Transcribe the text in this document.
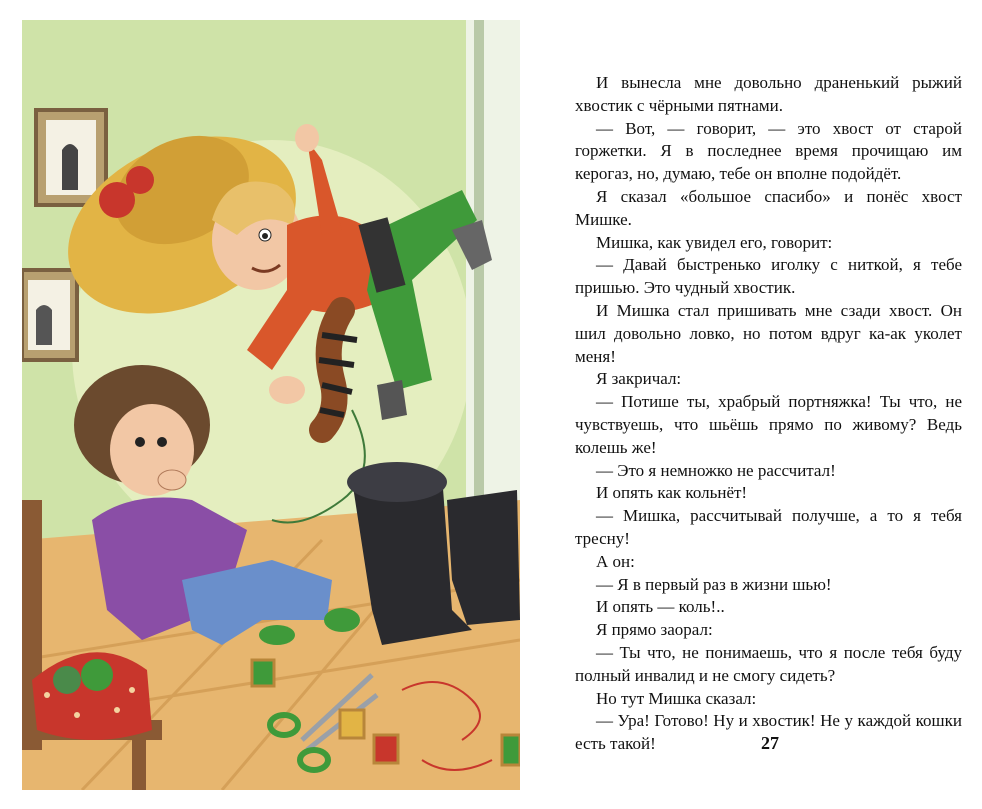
И вынесла мне довольно драненький рыжий хвостик с чёрными пятнами.

— Вот, — говорит, — это хвост от старой горжетки. Я в последнее время прочищаю им керогаз, но, думаю, тебе он вполне подойдёт.

Я сказал «большое спасибо» и понёс хвост Мишке.

Мишка, как увидел его, говорит:

— Давай быстренько иголку с ниткой, я тебе пришью. Это чудный хвостик.

И Мишка стал пришивать мне сзади хвост. Он шил довольно ловко, но потом вдруг ка-ак уколет меня!

Я закричал:

— Потише ты, храбрый портняжка! Ты что, не чувствуешь, что шьёшь прямо по живому? Ведь колешь же!

— Это я немножко не рассчитал!

И опять как кольнёт!

— Мишка, рассчитывай получше, а то я тебя тресну!

А он:

— Я в первый раз в жизни шью!

И опять — коль!..

Я прямо заорал:

— Ты что, не понимаешь, что я после тебя буду полный инвалид и не смогу сидеть?

Но тут Мишка сказал:

— Ура! Готово! Ну и хвостик! Не у каждой кошки есть такой!	27
